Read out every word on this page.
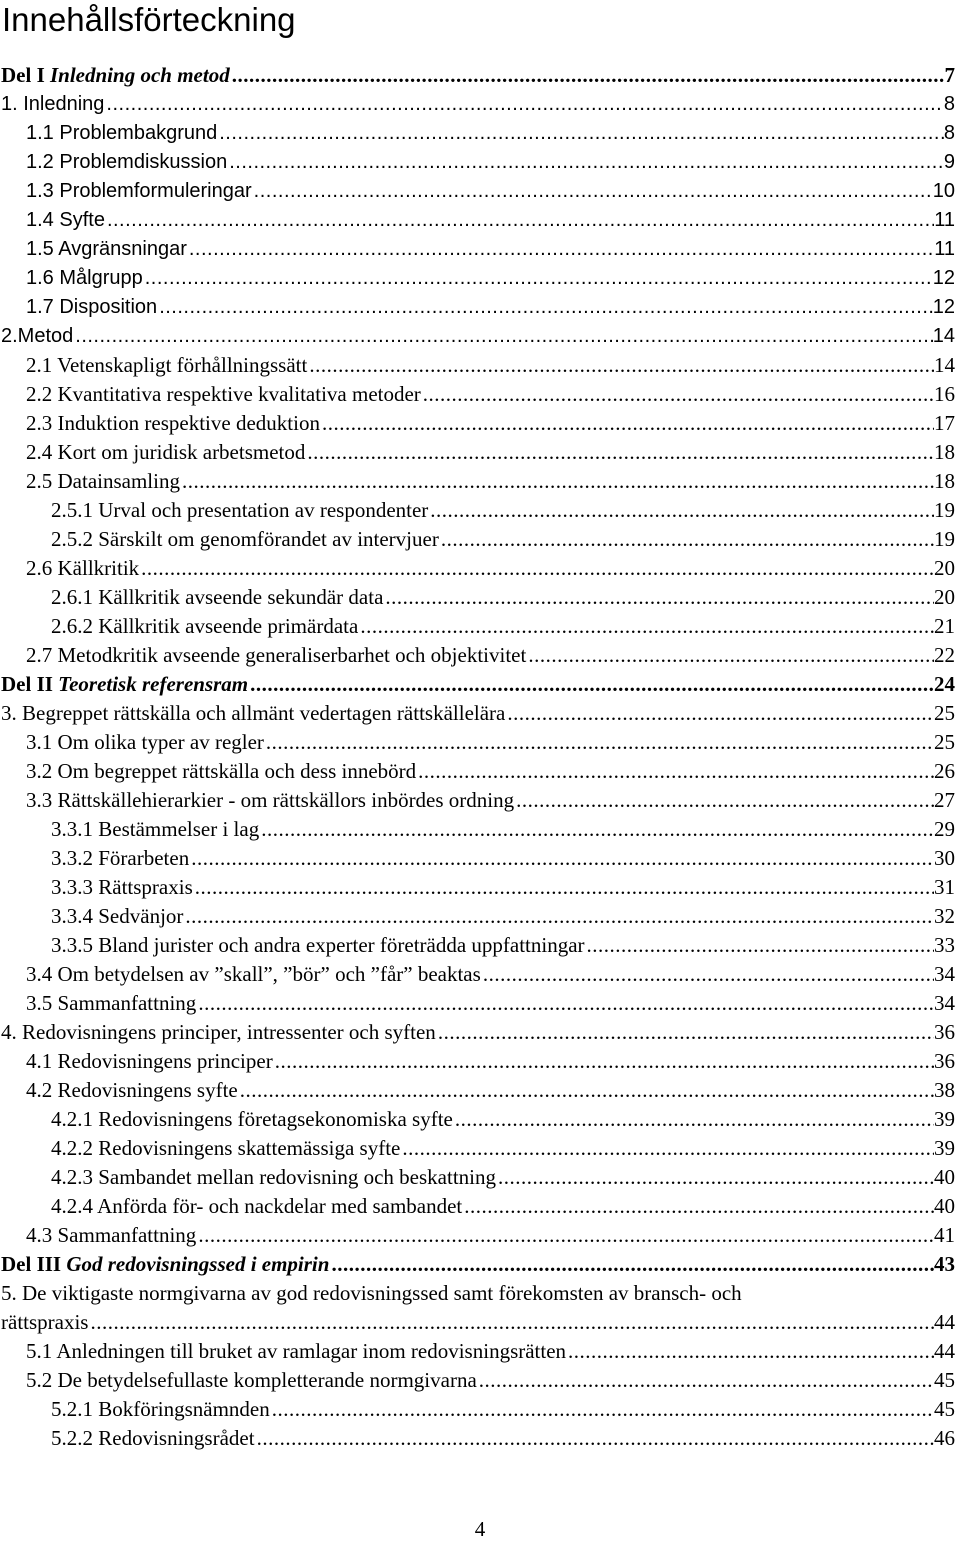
Innehållsförteckning
Del I Inledning och metod .....	7
1. Inledning .....	8
1.1 Problembakgrund .....	8
1.2 Problemdiskussion .....	9
1.3 Problemformuleringar .....	10
1.4 Syfte .....	11
1.5 Avgränsningar .....	11
1.6 Målgrupp .....	12
1.7 Disposition .....	12
2.Metod .....	14
2.1 Vetenskapligt förhållningssätt .....	14
2.2 Kvantitativa respektive kvalitativa metoder .....	16
2.3 Induktion respektive deduktion .....	17
2.4 Kort om juridisk arbetsmetod .....	18
2.5 Datainsamling .....	18
2.5.1 Urval och presentation av respondenter .....	19
2.5.2 Särskilt om genomförandet av intervjuer .....	19
2.6 Källkritik .....	20
2.6.1 Källkritik avseende sekundär data .....	20
2.6.2 Källkritik avseende primärdata .....	21
2.7 Metodkritik avseende generaliserbarhet och objektivitet .....	22
Del II Teoretisk referensram .....	24
3. Begreppet rättskälla och allmänt vedertagen rättskällelära .....	25
3.1 Om olika typer av regler .....	25
3.2 Om begreppet rättskälla och dess innebörd .....	26
3.3 Rättskällehierarkier - om rättskällors inbördes ordning .....	27
3.3.1 Bestämmelser i lag .....	29
3.3.2 Förarbeten .....	30
3.3.3 Rättspraxis .....	31
3.3.4 Sedvänjor .....	32
3.3.5 Bland jurister och andra experter företrädda uppfattningar .....	33
3.4 Om betydelsen av ”skall”, ”bör” och ”får” beaktas .....	34
3.5 Sammanfattning .....	34
4. Redovisningens principer, intressenter och syften .....	36
4.1 Redovisningens principer .....	36
4.2 Redovisningens syfte .....	38
4.2.1 Redovisningens företagsekonomiska syfte .....	39
4.2.2 Redovisningens skattemässiga syfte .....	39
4.2.3 Sambandet mellan redovisning och beskattning .....	40
4.2.4 Anförda för- och nackdelar med sambandet .....	40
4.3 Sammanfattning .....	41
Del III God redovisningssed i empirin .....	43
5. De viktigaste normgivarna av god redovisningssed samt förekomsten av bransch- och
rättspraxis .....	44
5.1 Anledningen till bruket av ramlagar inom redovisningsrätten .....	44
5.2 De betydelsefullaste kompletterande normgivarna .....	45
5.2.1 Bokföringsnämnden .....	45
5.2.2 Redovisningsrådet .....	46
4
